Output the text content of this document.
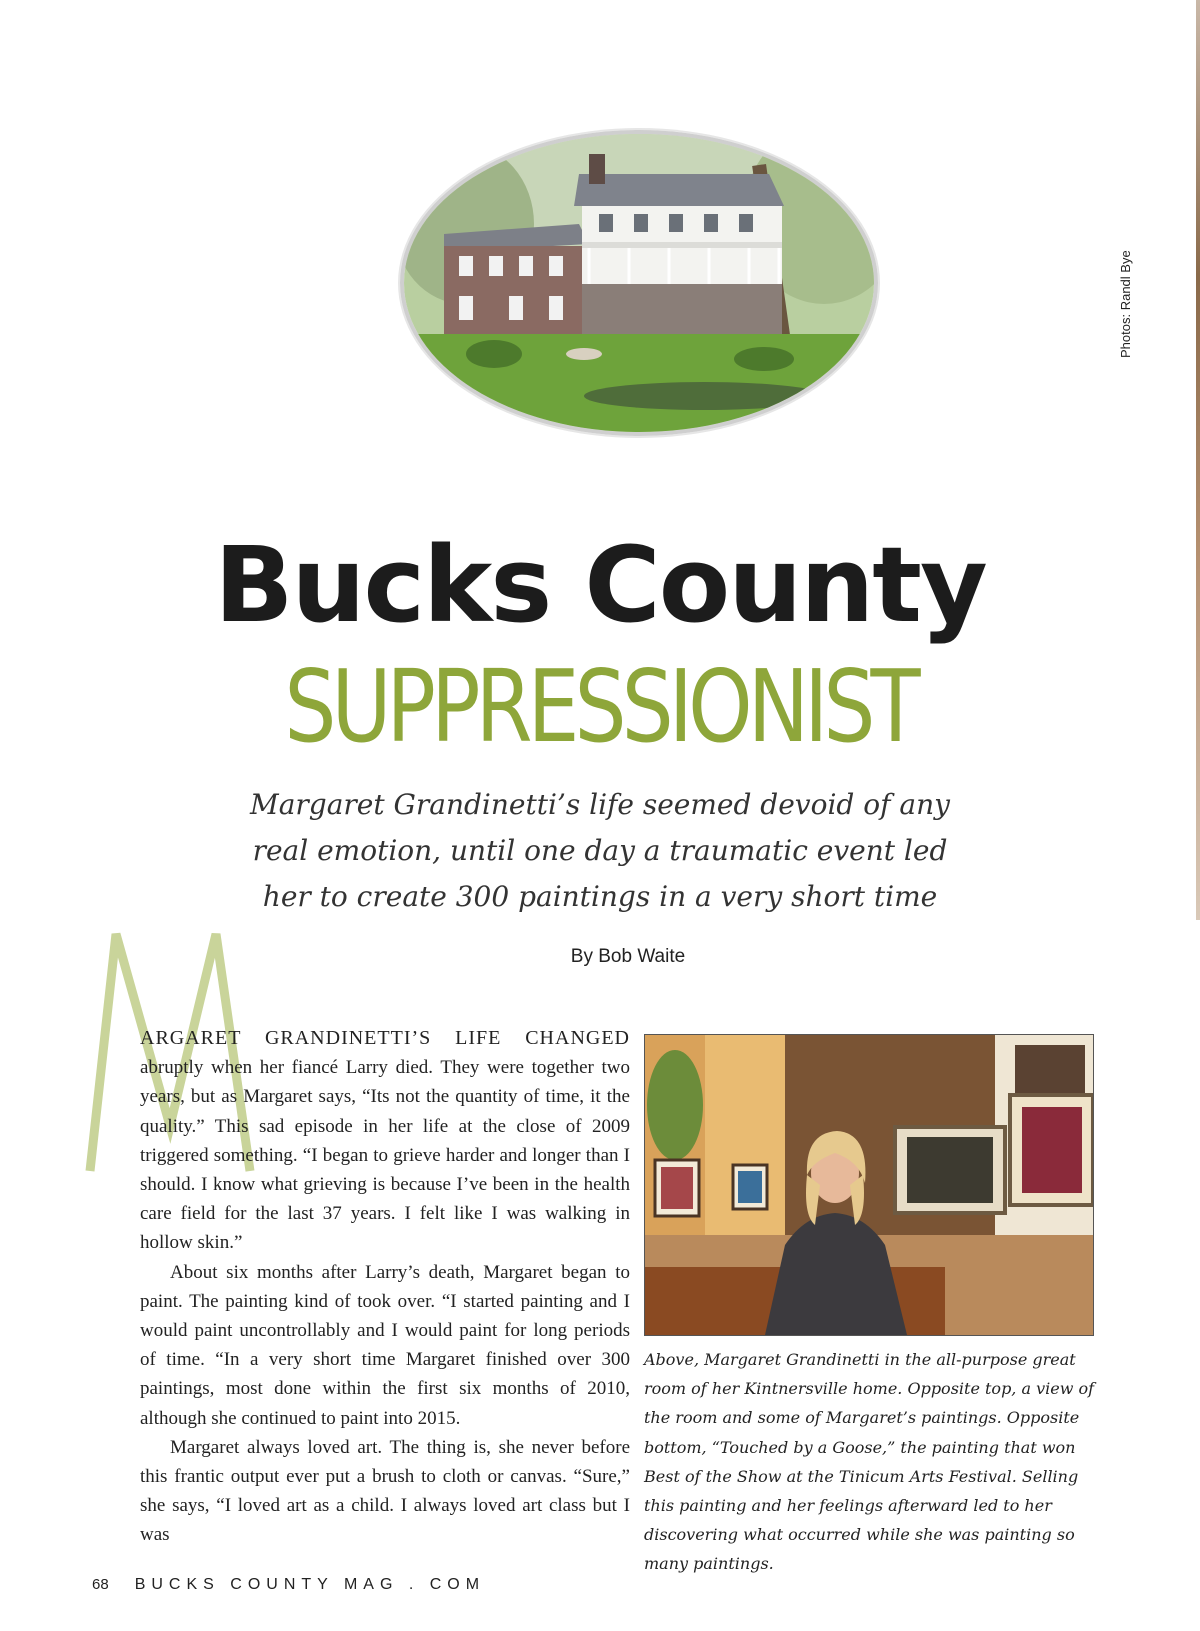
Photos: Randl Bye
Bucks County
SUPPRESSIONIST
Margaret Grandinetti’s life seemed devoid of any real emotion, until one day a traumatic event led her to create 300 paintings in a very short time
By Bob Waite

ARGARET GRANDINETTI’S LIFE CHANGED abruptly when her fiancé Larry died. They were together two years, but as Margaret says, “Its not the quantity of time, it the quality.” This sad episode in her life at the close of 2009 triggered something. “I began to grieve harder and longer than I should. I know what grieving is because I’ve been in the health care field for the last 37 years. I felt like I was walking in hollow skin.”

About six months after Larry’s death, Margaret began to paint. The painting kind of took over. “I started painting and I would paint uncontrollably and I would paint for long periods of time. “In a very short time Margaret finished over 300 paintings, most done within the first six months of 2010, although she continued to paint into 2015.

Margaret always loved art. The thing is, she never before this frantic output ever put a brush to cloth or canvas. “Sure,” she says, “I loved art as a child. I always loved art class but I was

Above, Margaret Grandinetti in the all-purpose great room of her Kintnersville home. Opposite top, a view of the room and some of Margaret’s paintings. Opposite bottom, “Touched by a Goose,” the painting that won Best of the Show at the Tinicum Arts Festival. Selling this painting and her feelings afterward led to her discovering what occurred while she was painting so many paintings.
68 BUCKS COUNTY MAG . COM
